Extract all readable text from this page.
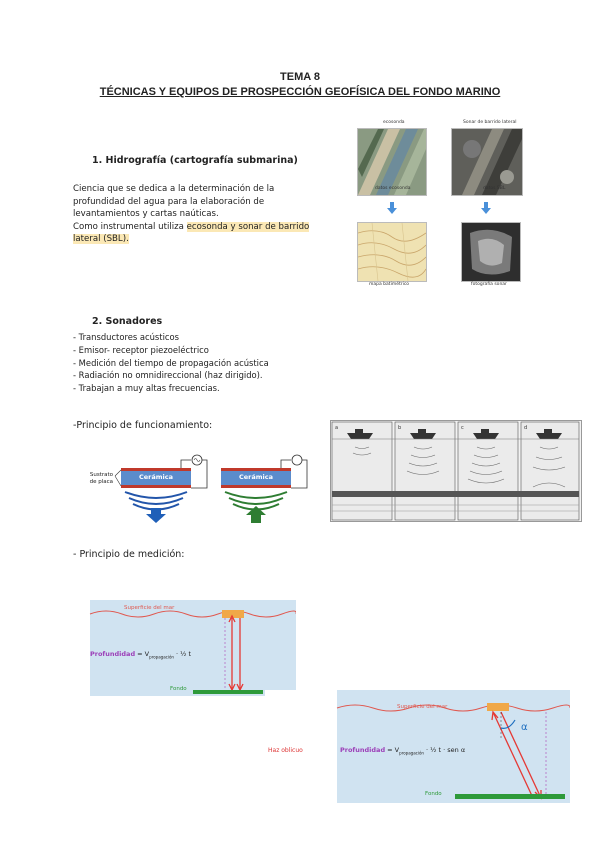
TEMA 8
TÉCNICAS Y EQUIPOS DE PROSPECCIÓN GEOFÍSICA DEL FONDO MARINO
1. Hidrografía (cartografía submarina)
Ciencia que se dedica a la determinación de la
profundidad del agua para la elaboración de
levantamientos y cartas naúticas.
Como instrumental utiliza ecosonda y sonar de barrido
lateral (SBL).
ecosonda	Sonar de barrido lateral
datos ecosonda	datos SBL
mapa batimétrico	fotografía sonar
2. Sonadores
- Transductores acústicos
- Emisor- receptor piezoeléctrico
- Medición del tiempo de propagación acústica
- Radiación no omnidireccional (haz dirigido).
- Trabajan a muy altas frecuencias.
-Principio de funcionamiento:
Sustrato
de placa
Cerámica	Cerámica
a	b	c	d
- Principio de medición:
Superficie del mar
Profundidad = $V_{propagación}$ · ½ t
Fondo
Haz oblicuo
Superficie del mar
α
Profundidad = $V_{propagación}$ · ½ t · sen α
Fondo
